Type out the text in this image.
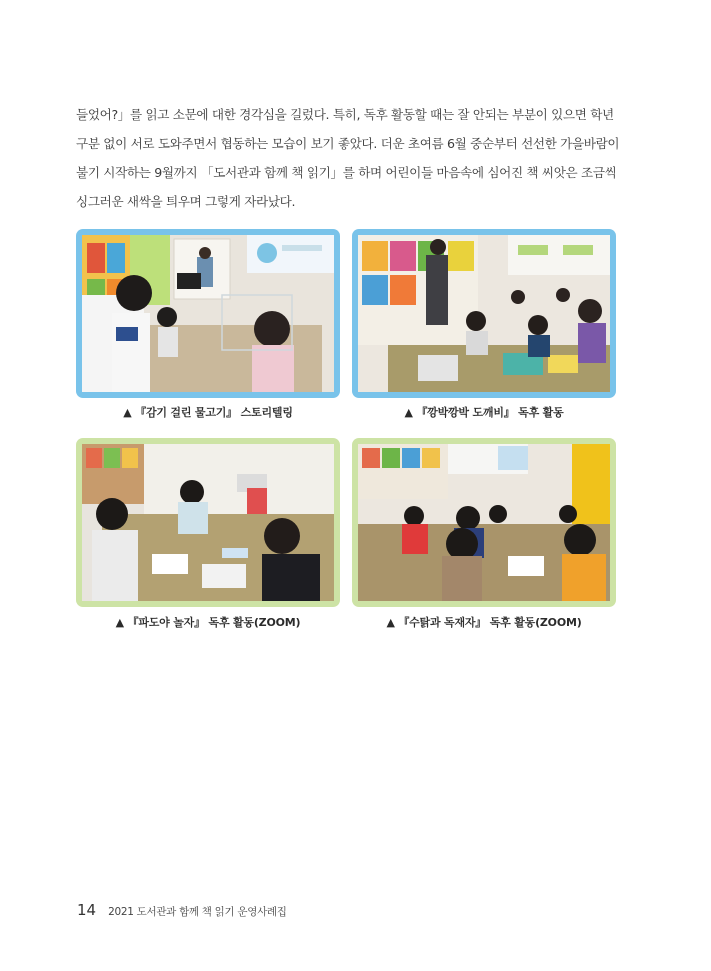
들었어?」를 읽고 소문에 대한 경각심을 길렀다. 특히, 독후 활동할 때는 잘 안되는 부분이 있으면 학년

구분 없이 서로 도와주면서 협동하는 모습이 보기 좋았다. 더운 초여름 6월 중순부터 선선한 가을바람이

불기 시작하는 9월까지 「도서관과 함께 책 읽기」를 하며 어린이들 마음속에 심어진 책 씨앗은 조금씩

싱그러운 새싹을 틔우며 그렇게 자라났다.

▲ 『감기 걸린 물고기』 스토리텔링	▲ 『깡박깡박 도깨비』 독후 활동
▲ 『파도야 놀자』 독후 활동(ZOOM)	▲ 『수탉과 독재자』 독후 활동(ZOOM)
14 2021 도서관과 함께 책 읽기 운영사례집
